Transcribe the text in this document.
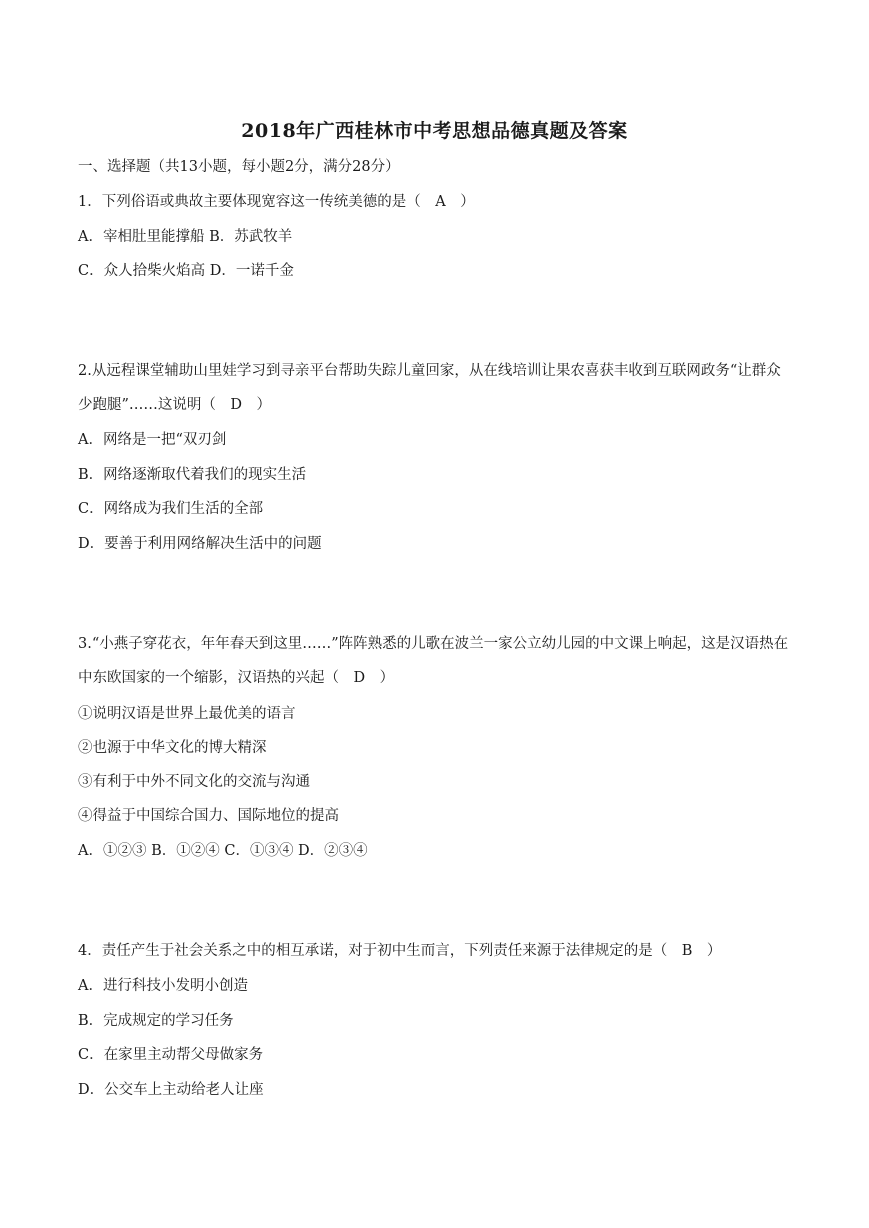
2018年广西桂林市中考思想品德真题及答案
一、选择题（共13小题，每小题2分，满分28分）
1．下列俗语或典故主要体现宽容这一传统美德的是（　A　）
A．宰相肚里能撑船 B．苏武牧羊
C．众人拾柴火焰高 D．一诺千金
2.从远程课堂辅助山里娃学习到寻亲平台帮助失踪儿童回家，从在线培训让果农喜获丰收到互联网政务“让群众少跑腿”……这说明（　D　）
A．网络是一把“双刃剑
B．网络逐渐取代着我们的现实生活
C．网络成为我们生活的全部
D．要善于利用网络解决生活中的问题
3.“小燕子穿花衣，年年春天到这里……”阵阵熟悉的儿歌在波兰一家公立幼儿园的中文课上响起，这是汉语热在中东欧国家的一个缩影，汉语热的兴起（　D　）
①说明汉语是世界上最优美的语言
②也源于中华文化的博大精深
③有利于中外不同文化的交流与沟通
④得益于中国综合国力、国际地位的提高
A．①②③ B．①②④ C．①③④ D．②③④
4．责任产生于社会关系之中的相互承诺，对于初中生而言，下列责任来源于法律规定的是（　B　）
A．进行科技小发明小创造
B．完成规定的学习任务
C．在家里主动帮父母做家务
D．公交车上主动给老人让座
